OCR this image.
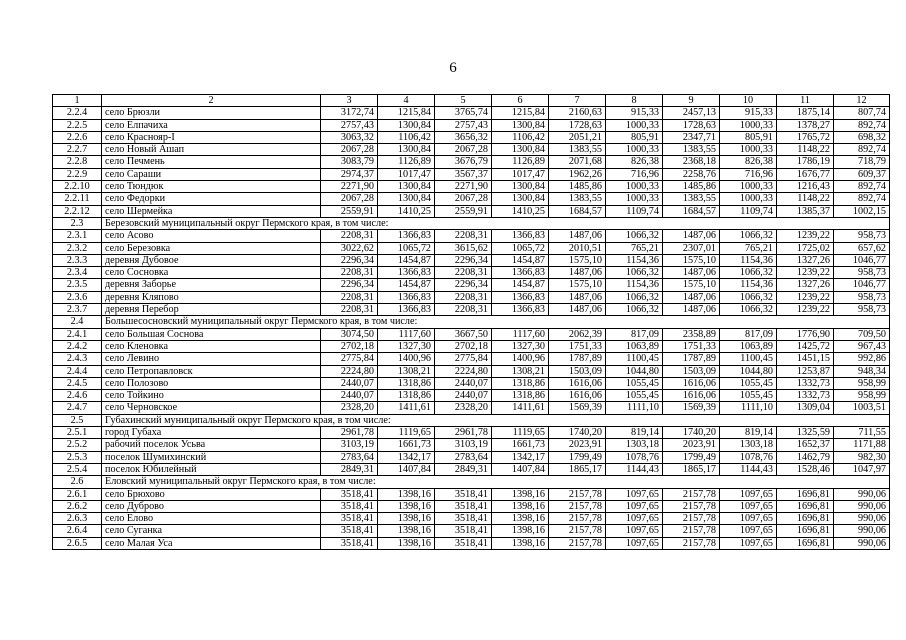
6
1	2	3	4	5	6	7	8	9	10	11	12
2.2.4	село Брюзли	3172,74	1215,84	3765,74	1215,84	2160,63	915,33	2457,13	915,33	1875,14	807,74
2.2.5	село Елпачиха	2757,43	1300,84	2757,43	1300,84	1728,63	1000,33	1728,63	1000,33	1378,27	892,74
2.2.6	село Краснояр-I	3063,32	1106,42	3656,32	1106,42	2051,21	805,91	2347,71	805,91	1765,72	698,32
2.2.7	село Новый Ашап	2067,28	1300,84	2067,28	1300,84	1383,55	1000,33	1383,55	1000,33	1148,22	892,74
2.2.8	село Печмень	3083,79	1126,89	3676,79	1126,89	2071,68	826,38	2368,18	826,38	1786,19	718,79
2.2.9	село Сараши	2974,37	1017,47	3567,37	1017,47	1962,26	716,96	2258,76	716,96	1676,77	609,37
2.2.10	село Тюндюк	2271,90	1300,84	2271,90	1300,84	1485,86	1000,33	1485,86	1000,33	1216,43	892,74
2.2.11	село Федорки	2067,28	1300,84	2067,28	1300,84	1383,55	1000,33	1383,55	1000,33	1148,22	892,74
2.2.12	село Шермейка	2559,91	1410,25	2559,91	1410,25	1684,57	1109,74	1684,57	1109,74	1385,37	1002,15
2.3	Березовский муниципальный округ Пермского края, в том числе:										
2.3.1	село Асово	2208,31	1366,83	2208,31	1366,83	1487,06	1066,32	1487,06	1066,32	1239,22	958,73
2.3.2	село Березовка	3022,62	1065,72	3615,62	1065,72	2010,51	765,21	2307,01	765,21	1725,02	657,62
2.3.3	деревня Дубовое	2296,34	1454,87	2296,34	1454,87	1575,10	1154,36	1575,10	1154,36	1327,26	1046,77
2.3.4	село Сосновка	2208,31	1366,83	2208,31	1366,83	1487,06	1066,32	1487,06	1066,32	1239,22	958,73
2.3.5	деревня Заборье	2296,34	1454,87	2296,34	1454,87	1575,10	1154,36	1575,10	1154,36	1327,26	1046,77
2.3.6	деревня Кляпово	2208,31	1366,83	2208,31	1366,83	1487,06	1066,32	1487,06	1066,32	1239,22	958,73
2.3.7	деревня Перебор	2208,31	1366,83	2208,31	1366,83	1487,06	1066,32	1487,06	1066,32	1239,22	958,73
2.4	Большесосновский муниципальный округ Пермского края, в том числе:										
2.4.1	село Большая Соснова	3074,50	1117,60	3667,50	1117,60	2062,39	817,09	2358,89	817,09	1776,90	709,50
2.4.2	село Кленовка	2702,18	1327,30	2702,18	1327,30	1751,33	1063,89	1751,33	1063,89	1425,72	967,43
2.4.3	село Левино	2775,84	1400,96	2775,84	1400,96	1787,89	1100,45	1787,89	1100,45	1451,15	992,86
2.4.4	село Петропавловск	2224,80	1308,21	2224,80	1308,21	1503,09	1044,80	1503,09	1044,80	1253,87	948,34
2.4.5	село Полозово	2440,07	1318,86	2440,07	1318,86	1616,06	1055,45	1616,06	1055,45	1332,73	958,99
2.4.6	село Тойкино	2440,07	1318,86	2440,07	1318,86	1616,06	1055,45	1616,06	1055,45	1332,73	958,99
2.4.7	село Черновское	2328,20	1411,61	2328,20	1411,61	1569,39	1111,10	1569,39	1111,10	1309,04	1003,51
2.5	Губахинский муниципальный округ Пермского края, в том числе:										
2.5.1	город Губаха	2961,78	1119,65	2961,78	1119,65	1740,20	819,14	1740,20	819,14	1325,59	711,55
2.5.2	рабочий поселок Усьва	3103,19	1661,73	3103,19	1661,73	2023,91	1303,18	2023,91	1303,18	1652,37	1171,88
2.5.3	поселок Шумихинский	2783,64	1342,17	2783,64	1342,17	1799,49	1078,76	1799,49	1078,76	1462,79	982,30
2.5.4	поселок Юбилейный	2849,31	1407,84	2849,31	1407,84	1865,17	1144,43	1865,17	1144,43	1528,46	1047,97
2.6	Еловский муниципальный округ Пермского края, в том числе:										
2.6.1	село Брюхово	3518,41	1398,16	3518,41	1398,16	2157,78	1097,65	2157,78	1097,65	1696,81	990,06
2.6.2	село Дуброво	3518,41	1398,16	3518,41	1398,16	2157,78	1097,65	2157,78	1097,65	1696,81	990,06
2.6.3	село Елово	3518,41	1398,16	3518,41	1398,16	2157,78	1097,65	2157,78	1097,65	1696,81	990,06
2.6.4	село Суганка	3518,41	1398,16	3518,41	1398,16	2157,78	1097,65	2157,78	1097,65	1696,81	990,06
2.6.5	село Малая Уса	3518,41	1398,16	3518,41	1398,16	2157,78	1097,65	2157,78	1097,65	1696,81	990,06
